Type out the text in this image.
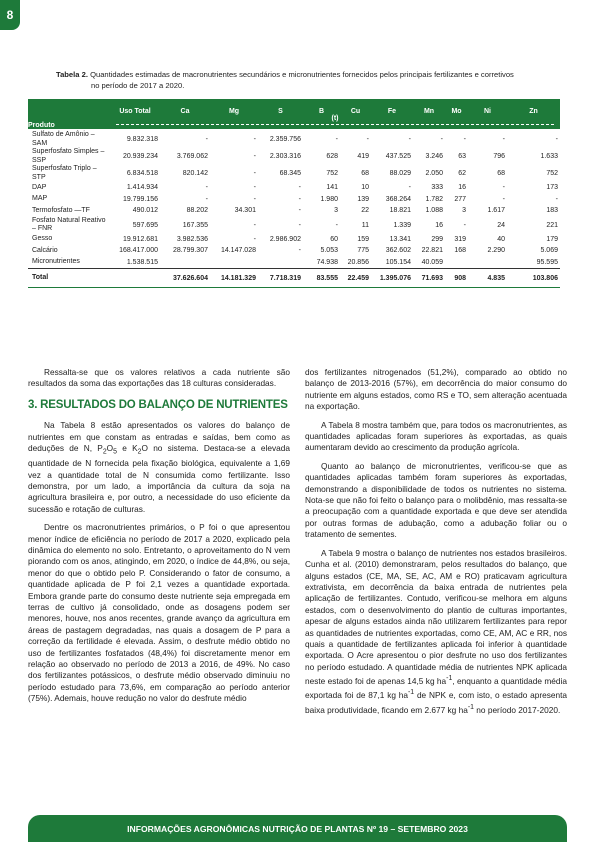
8
Tabela 2. Quantidades estimadas de macronutrientes secundários e micronutrientes fornecidos pelos principais fertilizantes e corretivos
no período de 2017 a 2020.
Produto	Uso Total	Ca	Mg	S	B	Cu	Fe	Mn	Mo	Ni	Zn

(t)										
Sulfato de Amônio – SAM	9.832.318	-	-	2.359.756	-	-	-	-	-	-	-
Superfosfato Simples – SSP	20.939.234	3.769.062	-	2.303.316	628	419	437.525	3.246	63	796	1.633
Superfosfato Triplo – STP	6.834.518	820.142	-	68.345	752	68	88.029	2.050	62	68	752
DAP	1.414.934	-	-	-	141	10	-	333	16	-	173
MAP	19.799.156	-	-	-	1.980	139	368.264	1.782	277	-	-
Termofosfato —TF	490.012	88.202	34.301	-	3	22	18.821	1.088	3	1.617	183
Fosfato Natural Reativo – FNR	597.695	167.355	-	-	-	11	1.339	16	-	24	221
Gesso	19.912.681	3.982.536	-	2.986.902	60	159	13.341	299	319	40	179
Calcário	168.417.000	28.799.307	14.147.028	-	5.053	775	362.602	22.821	168	2.290	5.069
Micronutrientes	1.538.515				74.938	20.856	105.154	40.059			95.595
Total		37.626.604	14.181.329	7.718.319	83.555	22.459	1.395.076	71.693	908	4.835	103.806

Ressalta-se que os valores relativos a cada nutriente são resultados da soma das exportações das 18 culturas consideradas.

3. RESULTADOS DO BALANÇO DE NUTRIENTES

Na Tabela 8 estão apresentados os valores do balanço de nutrientes em que constam as entradas e saídas, bem como as deduções de N, $P_2O_5$ e $K_2O$ no sistema. Destaca-se a elevada quantidade de N fornecida pela fixação biológica, equivalente a 1,69 vez a quantidade total de N consumida como fertilizante. Isso demonstra, por um lado, a importância da cultura da soja na agricultura brasileira e, por outro, a necessidade do uso eficiente da sucessão e rotação de culturas.

Dentre os macronutrientes primários, o P foi o que apresentou menor índice de eficiência no período de 2017 a 2020, explicado pela dinâmica do elemento no solo. Entretanto, o aproveitamento do N vem piorando com os anos, atingindo, em 2020, o índice de 44,8%, ou seja, menor do que o obtido pelo P. Considerando o fator de consumo, a quantidade aplicada de P foi 2,1 vezes a quantidade exportada. Embora grande parte do consumo deste nutriente seja empregada em terras de cultivo já consolidado, onde as dosagens podem ser menores, houve, nos anos recentes, grande avanço da agricultura em áreas de pastagem degradadas, nas quais a dosagem de P para a correção da fertilidade é elevada. Assim, o desfrute médio obtido no uso de fertilizantes fosfatados (48,4%) foi discretamente menor em relação ao observado no período de 2013 a 2016, de 49%. No caso dos fertilizantes potássicos, o desfrute médio observado diminuiu no período estudado para 73,6%, em comparação ao período anterior (75%). Ademais, houve redução no valor do desfrute médio

dos fertilizantes nitrogenados (51,2%), comparado ao obtido no balanço de 2013-2016 (57%), em decorrência do maior consumo do nutriente em alguns estados, como RS e TO, sem alteração acentuada na exportação.

A Tabela 8 mostra também que, para todos os macronutrientes, as quantidades aplicadas foram superiores às exportadas, as quais aumentaram devido ao crescimento da produção agrícola.

Quanto ao balanço de micronutrientes, verificou-se que as quantidades aplicadas também foram superiores às exportadas, demonstrando a disponibilidade de todos os nutrientes no sistema. Nota-se que não foi feito o balanço para o molibdênio, mas ressalta-se a preocupação com a quantidade exportada e que deve ser atendida por outras formas de adubação, como a adubação foliar ou o tratamento de sementes.

A Tabela 9 mostra o balanço de nutrientes nos estados brasileiros. Cunha et al. (2010) demonstraram, pelos resultados do balanço, que alguns estados (CE, MA, SE, AC, AM e RO) praticavam agricultura extrativista, em decorrência da baixa entrada de nutrientes pela aplicação de fertilizantes. Contudo, verificou-se melhora em alguns estados, com o desenvolvimento do plantio de culturas importantes, apesar de alguns estados ainda não utilizarem fertilizantes para repor as quantidades de nutrientes exportadas, como CE, AM, AC e RR, nos quais a quantidade de fertilizantes aplicada foi inferior à quantidade exportada. O Acre apresentou o pior desfrute no uso dos fertilizantes no período estudado. A quantidade média de nutrientes NPK aplicada neste estado foi de apenas 14,5 kg $ha^{-1}$, enquanto a quantidade média exportada foi de 87,1 kg $ha^{-1}$ de NPK e, com isto, o estado apresenta baixa produtividade, ficando em 2.677 kg $ha^{-1}$ no período 2017-2020.

INFORMAÇÕES AGRONÔMICAS NUTRIÇÃO DE PLANTAS Nº 19 – SETEMBRO 2023
